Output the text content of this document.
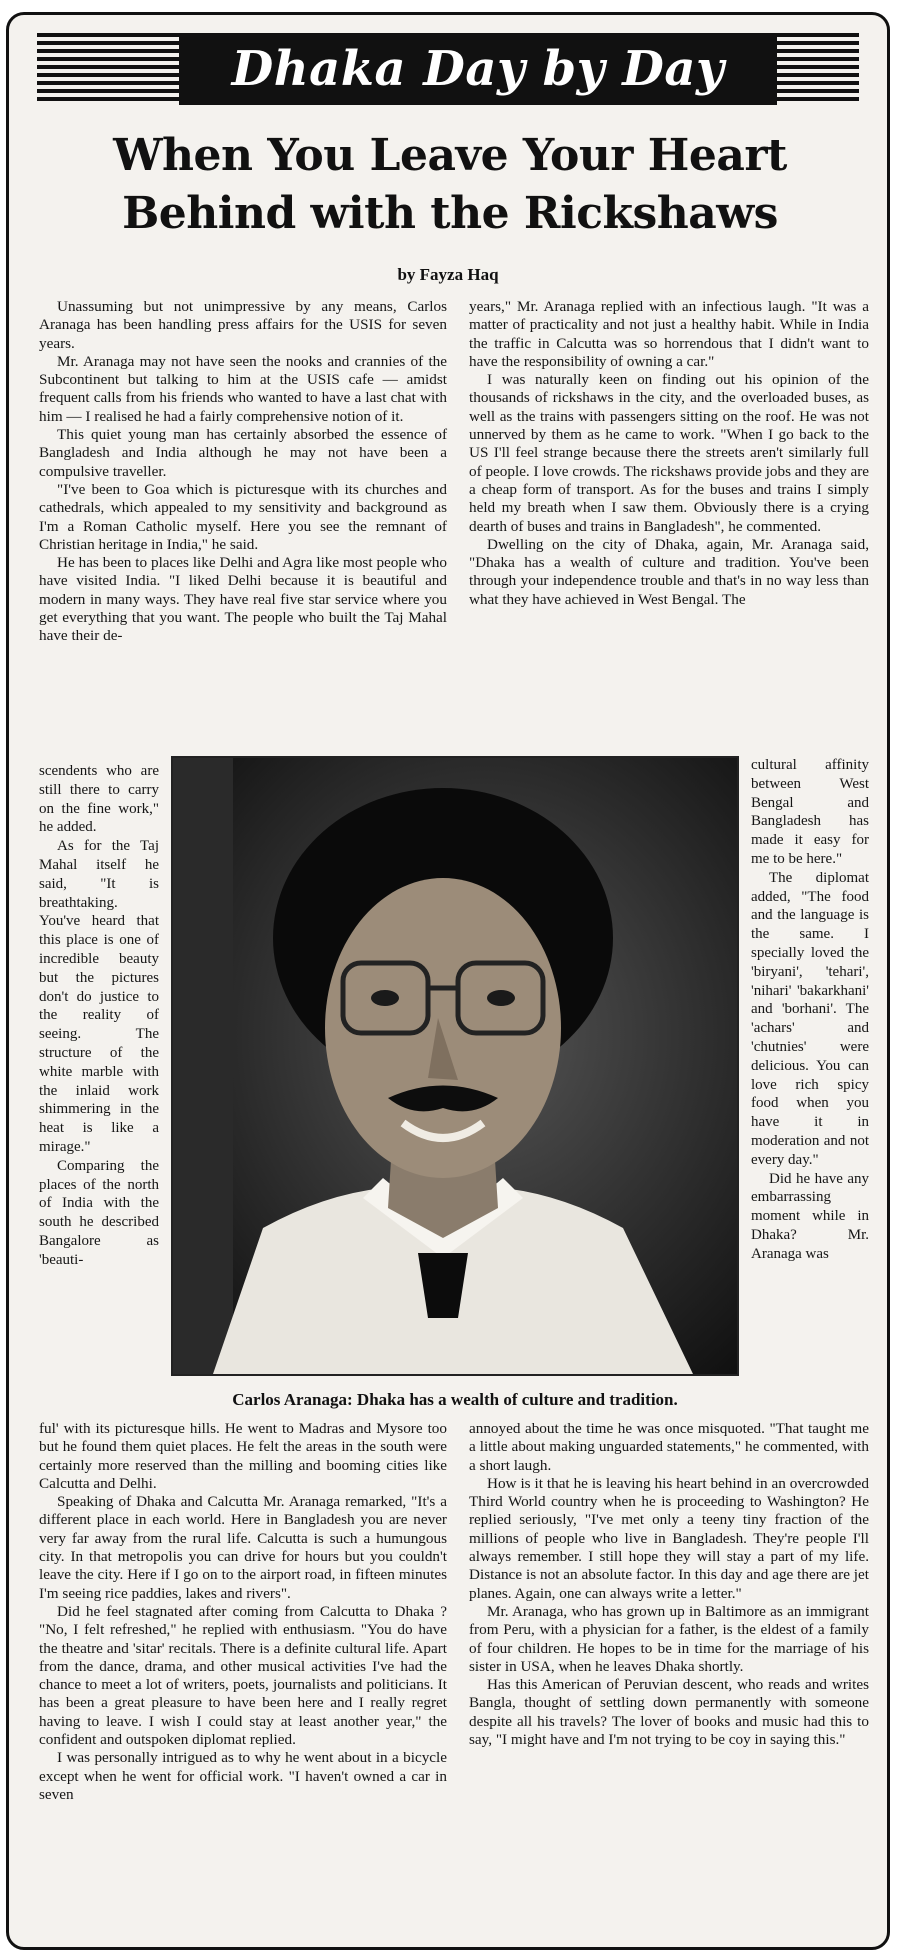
Dhaka Day by Day
When You Leave Your Heart
Behind with the Rickshaws
by Fayza Haq

Unassuming but not unimpressive by any means, Carlos Aranaga has been handling press affairs for the USIS for seven years.

Mr. Aranaga may not have seen the nooks and crannies of the Subcontinent but talking to him at the USIS cafe — amidst frequent calls from his friends who wanted to have a last chat with him — I realised he had a fairly comprehensive notion of it.

This quiet young man has certainly absorbed the essence of Bangladesh and India although he may not have been a compulsive traveller.

"I've been to Goa which is picturesque with its churches and cathedrals, which appealed to my sensitivity and background as I'm a Roman Catholic myself. Here you see the remnant of Christian heritage in India," he said.

He has been to places like Delhi and Agra like most people who have visited India. "I liked Delhi because it is beautiful and modern in many ways. They have real five star service where you get everything that you want. The people who built the Taj Mahal have their de-

years," Mr. Aranaga replied with an infectious laugh. "It was a matter of practicality and not just a healthy habit. While in India the traffic in Calcutta was so horrendous that I didn't want to have the responsibility of owning a car."

I was naturally keen on finding out his opinion of the thousands of rickshaws in the city, and the overloaded buses, as well as the trains with passengers sitting on the roof. He was not unnerved by them as he came to work. "When I go back to the US I'll feel strange because there the streets aren't similarly full of people. I love crowds. The rickshaws provide jobs and they are a cheap form of transport. As for the buses and trains I simply held my breath when I saw them. Obviously there is a crying dearth of buses and trains in Bangladesh", he commented.

Dwelling on the city of Dhaka, again, Mr. Aranaga said, "Dhaka has a wealth of culture and tradition. You've been through your independence trouble and that's in no way less than what they have achieved in West Bengal. The

scendents who are still there to carry on the fine work," he added.

As for the Taj Mahal itself he said, "It is breathtaking. You've heard that this place is one of incredible beauty but the pictures don't do justice to the reality of seeing. The structure of the white marble with the inlaid work shimmering in the heat is like a mirage."

Comparing the places of the north of India with the south he described Bangalore as 'beauti-

cultural affinity between West Bengal and Bangladesh has made it easy for me to be here."

The diplomat added, "The food and the language is the same. I specially loved the 'biryani', 'tehari', 'nihari' 'bakarkhani' and 'borhani'. The 'achars' and 'chutnies' were delicious. You can love rich spicy food when you have it in moderation and not every day."

Did he have any embarrassing moment while in Dhaka? Mr. Aranaga was

Carlos Aranaga: Dhaka has a wealth of culture and tradition.

ful' with its picturesque hills. He went to Madras and Mysore too but he found them quiet places. He felt the areas in the south were certainly more reserved than the milling and booming cities like Calcutta and Delhi.

Speaking of Dhaka and Calcutta Mr. Aranaga remarked, "It's a different place in each world. Here in Bangladesh you are never very far away from the rural life. Calcutta is such a humungous city. In that metropolis you can drive for hours but you couldn't leave the city. Here if I go on to the airport road, in fifteen minutes I'm seeing rice paddies, lakes and rivers".

Did he feel stagnated after coming from Calcutta to Dhaka ? "No, I felt refreshed," he replied with enthusiasm. "You do have the theatre and 'sitar' recitals. There is a definite cultural life. Apart from the dance, drama, and other musical activities I've had the chance to meet a lot of writers, poets, journalists and politicians. It has been a great pleasure to have been here and I really regret having to leave. I wish I could stay at least another year," the confident and outspoken diplomat replied.

I was personally intrigued as to why he went about in a bicycle except when he went for official work. "I haven't owned a car in seven

annoyed about the time he was once misquoted. "That taught me a little about making unguarded statements," he commented, with a short laugh.

How is it that he is leaving his heart behind in an overcrowded Third World country when he is proceeding to Washington? He replied seriously, "I've met only a teeny tiny fraction of the millions of people who live in Bangladesh. They're people I'll always remember. I still hope they will stay a part of my life. Distance is not an absolute factor. In this day and age there are jet planes. Again, one can always write a letter."

Mr. Aranaga, who has grown up in Baltimore as an immigrant from Peru, with a physician for a father, is the eldest of a family of four children. He hopes to be in time for the marriage of his sister in USA, when he leaves Dhaka shortly.

Has this American of Peruvian descent, who reads and writes Bangla, thought of settling down permanently with someone despite all his travels? The lover of books and music had this to say, "I might have and I'm not trying to be coy in saying this."
